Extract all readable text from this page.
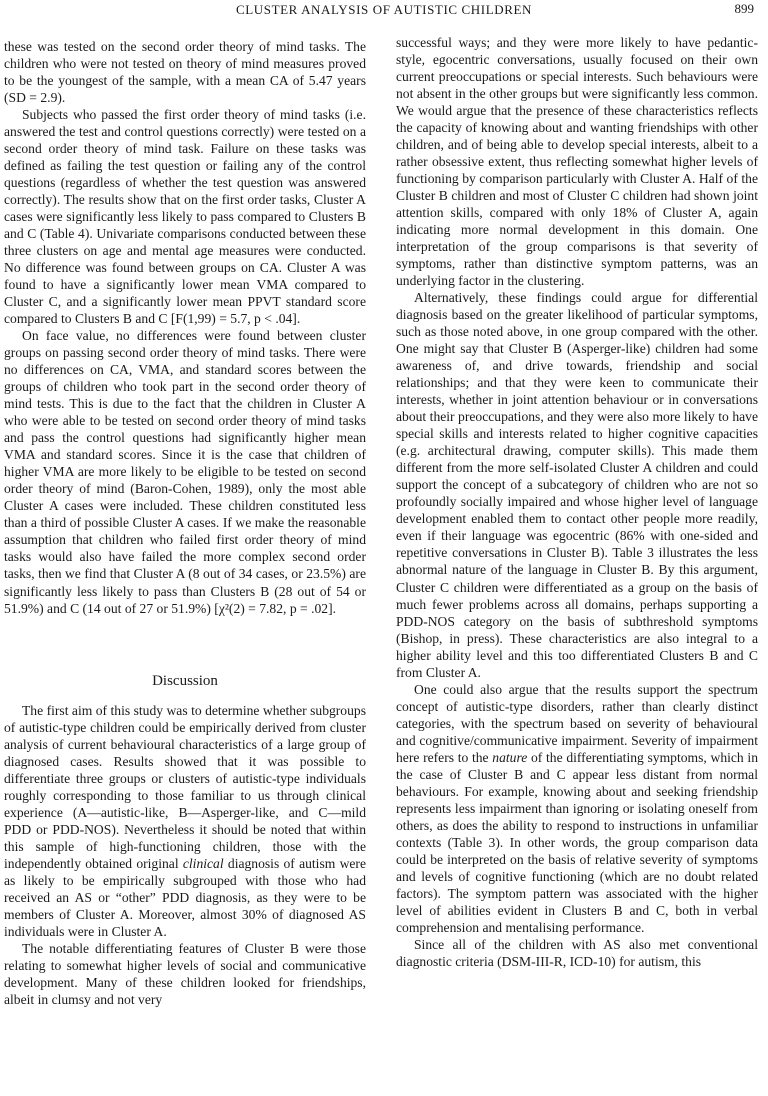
CLUSTER ANALYSIS OF AUTISTIC CHILDREN	899

these was tested on the second order theory of mind tasks. The children who were not tested on theory of mind measures proved to be the youngest of the sample, with a mean CA of 5.47 years (SD = 2.9).

Subjects who passed the first order theory of mind tasks (i.e. answered the test and control questions correctly) were tested on a second order theory of mind task. Failure on these tasks was defined as failing the test question or failing any of the control questions (regardless of whether the test question was answered correctly). The results show that on the first order tasks, Cluster A cases were significantly less likely to pass compared to Clusters B and C (Table 4). Univariate comparisons conducted between these three clusters on age and mental age measures were conducted. No difference was found between groups on CA. Cluster A was found to have a significantly lower mean VMA compared to Cluster C, and a significantly lower mean PPVT standard score compared to Clusters B and C [F(1,99) = 5.7, p < .04].

On face value, no differences were found between cluster groups on passing second order theory of mind tasks. There were no differences on CA, VMA, and standard scores between the groups of children who took part in the second order theory of mind tests. This is due to the fact that the children in Cluster A who were able to be tested on second order theory of mind tasks and pass the control questions had significantly higher mean VMA and standard scores. Since it is the case that children of higher VMA are more likely to be eligible to be tested on second order theory of mind (Baron-Cohen, 1989), only the most able Cluster A cases were included. These children constituted less than a third of possible Cluster A cases. If we make the reasonable assumption that children who failed first order theory of mind tasks would also have failed the more complex second order tasks, then we find that Cluster A (8 out of 34 cases, or 23.5%) are significantly less likely to pass than Clusters B (28 out of 54 or 51.9%) and C (14 out of 27 or 51.9%) [χ²(2) = 7.82, p = .02].

Discussion

The first aim of this study was to determine whether subgroups of autistic-type children could be empirically derived from cluster analysis of current behavioural characteristics of a large group of diagnosed cases. Results showed that it was possible to differentiate three groups or clusters of autistic-type individuals roughly corresponding to those familiar to us through clinical experience (A—autistic-like, B—Asperger-like, and C—mild PDD or PDD-NOS). Nevertheless it should be noted that within this sample of high-functioning children, those with the independently obtained original clinical diagnosis of autism were as likely to be empirically subgrouped with those who had received an AS or “other” PDD diagnosis, as they were to be members of Cluster A. Moreover, almost 30% of diagnosed AS individuals were in Cluster A.

The notable differentiating features of Cluster B were those relating to somewhat higher levels of social and communicative development. Many of these children looked for friendships, albeit in clumsy and not very

successful ways; and they were more likely to have pedantic-style, egocentric conversations, usually focused on their own current preoccupations or special interests. Such behaviours were not absent in the other groups but were significantly less common. We would argue that the presence of these characteristics reflects the capacity of knowing about and wanting friendships with other children, and of being able to develop special interests, albeit to a rather obsessive extent, thus reflecting somewhat higher levels of functioning by comparison particularly with Cluster A. Half of the Cluster B children and most of Cluster C children had shown joint attention skills, compared with only 18% of Cluster A, again indicating more normal development in this domain. One interpretation of the group comparisons is that severity of symptoms, rather than distinctive symptom patterns, was an underlying factor in the clustering.

Alternatively, these findings could argue for differential diagnosis based on the greater likelihood of particular symptoms, such as those noted above, in one group compared with the other. One might say that Cluster B (Asperger-like) children had some awareness of, and drive towards, friendship and social relationships; and that they were keen to communicate their interests, whether in joint attention behaviour or in conversations about their preoccupations, and they were also more likely to have special skills and interests related to higher cognitive capacities (e.g. architectural drawing, computer skills). This made them different from the more self-isolated Cluster A children and could support the concept of a subcategory of children who are not so profoundly socially impaired and whose higher level of language development enabled them to contact other people more readily, even if their language was egocentric (86% with one-sided and repetitive conversations in Cluster B). Table 3 illustrates the less abnormal nature of the language in Cluster B. By this argument, Cluster C children were differentiated as a group on the basis of much fewer problems across all domains, perhaps supporting a PDD-NOS category on the basis of subthreshold symptoms (Bishop, in press). These characteristics are also integral to a higher ability level and this too differentiated Clusters B and C from Cluster A.

One could also argue that the results support the spectrum concept of autistic-type disorders, rather than clearly distinct categories, with the spectrum based on severity of behavioural and cognitive/communicative impairment. Severity of impairment here refers to the nature of the differentiating symptoms, which in the case of Cluster B and C appear less distant from normal behaviours. For example, knowing about and seeking friendship represents less impairment than ignoring or isolating oneself from others, as does the ability to respond to instructions in unfamiliar contexts (Table 3). In other words, the group comparison data could be interpreted on the basis of relative severity of symptoms and levels of cognitive functioning (which are no doubt related factors). The symptom pattern was associated with the higher level of abilities evident in Clusters B and C, both in verbal comprehension and mentalising performance.

Since all of the children with AS also met conventional diagnostic criteria (DSM-III-R, ICD-10) for autism, this
